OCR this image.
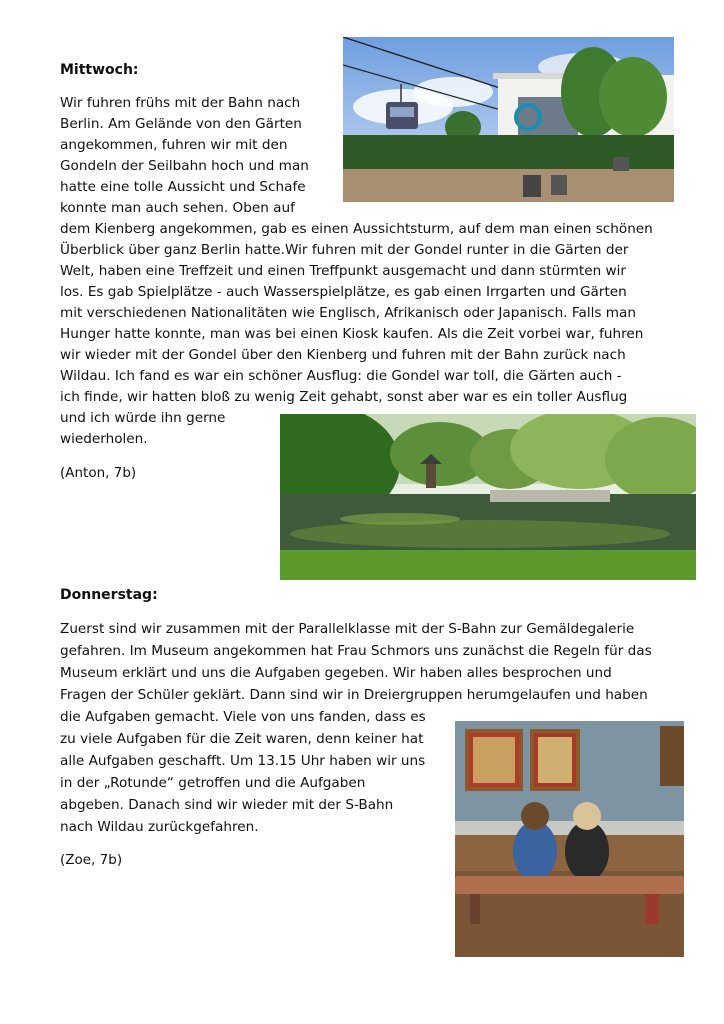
Mittwoch:
Wir fuhren frühs mit der Bahn nach
Berlin. Am Gelände von den Gärten
angekommen, fuhren wir mit den
Gondeln der Seilbahn hoch und man
hatte eine tolle Aussicht und Schafe
konnte man auch sehen. Oben auf
dem Kienberg angekommen, gab es einen Aussichtsturm, auf dem man einen schönen
Überblick über ganz Berlin hatte.Wir fuhren mit der Gondel runter in die Gärten der
Welt, haben eine Treffzeit und einen Treffpunkt ausgemacht und dann stürmten wir
los. Es gab Spielplätze - auch Wasserspielplätze, es gab einen Irrgarten und Gärten
mit verschiedenen Nationalitäten wie Englisch, Afrikanisch oder Japanisch. Falls man
Hunger hatte konnte, man was bei einen Kiosk kaufen. Als die Zeit vorbei war, fuhren
wir wieder mit der Gondel über den Kienberg und fuhren mit der Bahn zurück nach
Wildau. Ich fand es war ein schöner Ausflug: die Gondel war toll, die Gärten auch -
ich finde, wir hatten bloß zu wenig Zeit gehabt, sonst aber war es ein toller Ausflug
und ich würde ihn gerne
wiederholen.
(Anton, 7b)
Donnerstag:
Zuerst sind wir zusammen mit der Parallelklasse mit der S-Bahn zur Gemäldegalerie
gefahren. Im Museum angekommen hat Frau Schmors uns zunächst die Regeln für das
Museum erklärt und uns die Aufgaben gegeben. Wir haben alles besprochen und
Fragen der Schüler geklärt. Dann sind wir in Dreiergruppen herumgelaufen und haben
die Aufgaben gemacht. Viele von uns fanden, dass es
zu viele Aufgaben für die Zeit waren, denn keiner hat
alle Aufgaben geschafft. Um 13.15 Uhr haben wir uns
in der „Rotunde“ getroffen und die Aufgaben
abgeben. Danach sind wir wieder mit der S-Bahn
nach Wildau zurückgefahren.
(Zoe, 7b)
